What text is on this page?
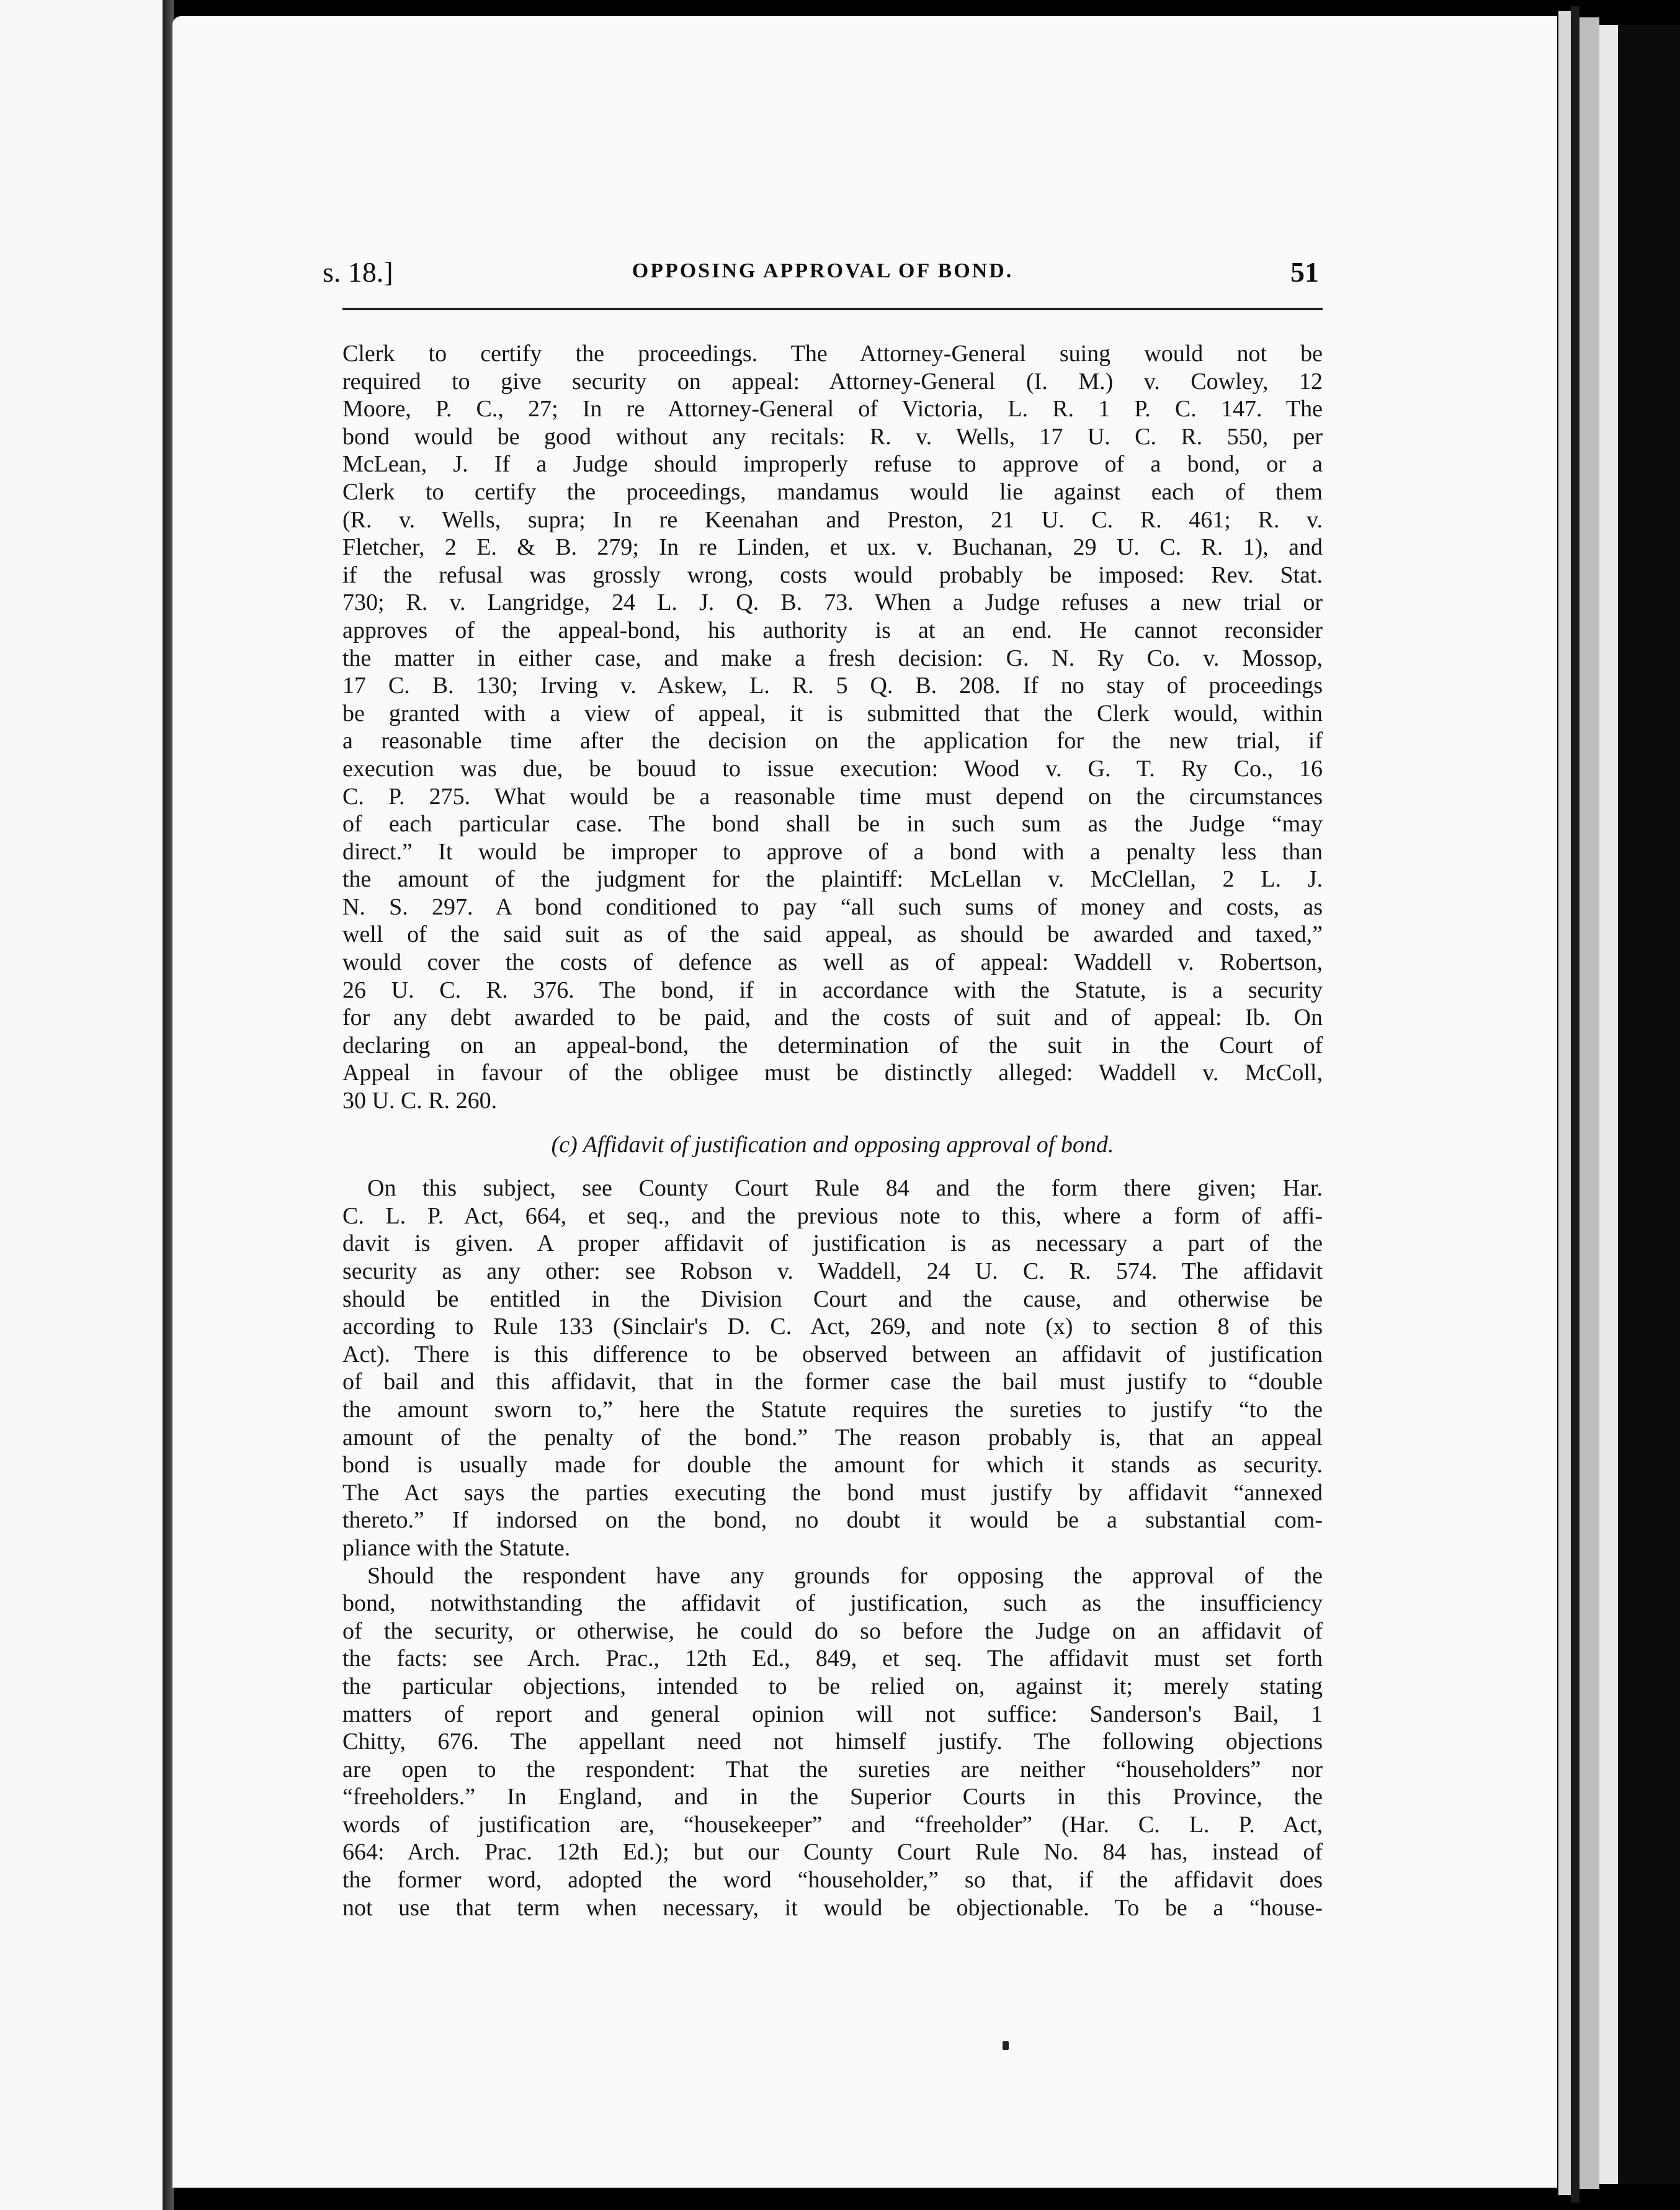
s. 18.]	OPPOSING APPROVAL OF BOND.	51
Clerk to certify the proceedings. The Attorney-General suing would not be
required to give security on appeal: Attorney-General (I. M.) v. Cowley, 12
Moore, P. C., 27; In re Attorney-General of Victoria, L. R. 1 P. C. 147. The
bond would be good without any recitals: R. v. Wells, 17 U. C. R. 550, per
McLean, J. If a Judge should improperly refuse to approve of a bond, or a
Clerk to certify the proceedings, mandamus would lie against each of them
(R. v. Wells, supra; In re Keenahan and Preston, 21 U. C. R. 461; R. v.
Fletcher, 2 E. & B. 279; In re Linden, et ux. v. Buchanan, 29 U. C. R. 1), and
if the refusal was grossly wrong, costs would probably be imposed: Rev. Stat.
730; R. v. Langridge, 24 L. J. Q. B. 73. When a Judge refuses a new trial or
approves of the appeal-bond, his authority is at an end. He cannot reconsider
the matter in either case, and make a fresh decision: G. N. Ry Co. v. Mossop,
17 C. B. 130; Irving v. Askew, L. R. 5 Q. B. 208. If no stay of proceedings
be granted with a view of appeal, it is submitted that the Clerk would, within
a reasonable time after the decision on the application for the new trial, if
execution was due, be bouud to issue execution: Wood v. G. T. Ry Co., 16
C. P. 275. What would be a reasonable time must depend on the circumstances
of each particular case. The bond shall be in such sum as the Judge “may
direct.” It would be improper to approve of a bond with a penalty less than
the amount of the judgment for the plaintiff: McLellan v. McClellan, 2 L. J.
N. S. 297. A bond conditioned to pay “all such sums of money and costs, as
well of the said suit as of the said appeal, as should be awarded and taxed,”
would cover the costs of defence as well as of appeal: Waddell v. Robertson,
26 U. C. R. 376. The bond, if in accordance with the Statute, is a security
for any debt awarded to be paid, and the costs of suit and of appeal: Ib. On
declaring on an appeal-bond, the determination of the suit in the Court of
Appeal in favour of the obligee must be distinctly alleged: Waddell v. McColl,
30 U. C. R. 260.
(c) Affidavit of justification and opposing approval of bond.
On this subject, see County Court Rule 84 and the form there given; Har.
C. L. P. Act, 664, et seq., and the previous note to this, where a form of affi-
davit is given. A proper affidavit of justification is as necessary a part of the
security as any other: see Robson v. Waddell, 24 U. C. R. 574. The affidavit
should be entitled in the Division Court and the cause, and otherwise be
according to Rule 133 (Sinclair's D. C. Act, 269, and note (x) to section 8 of this
Act). There is this difference to be observed between an affidavit of justification
of bail and this affidavit, that in the former case the bail must justify to “double
the amount sworn to,” here the Statute requires the sureties to justify “to the
amount of the penalty of the bond.” The reason probably is, that an appeal
bond is usually made for double the amount for which it stands as security.
The Act says the parties executing the bond must justify by affidavit “annexed
thereto.” If indorsed on the bond, no doubt it would be a substantial com-
pliance with the Statute.
Should the respondent have any grounds for opposing the approval of the
bond, notwithstanding the affidavit of justification, such as the insufficiency
of the security, or otherwise, he could do so before the Judge on an affidavit of
the facts: see Arch. Prac., 12th Ed., 849, et seq. The affidavit must set forth
the particular objections, intended to be relied on, against it; merely stating
matters of report and general opinion will not suffice: Sanderson's Bail, 1
Chitty, 676. The appellant need not himself justify. The following objections
are open to the respondent: That the sureties are neither “householders” nor
“freeholders.” In England, and in the Superior Courts in this Province, the
words of justification are, “housekeeper” and “freeholder” (Har. C. L. P. Act,
664: Arch. Prac. 12th Ed.); but our County Court Rule No. 84 has, instead of
the former word, adopted the word “householder,” so that, if the affidavit does
not use that term when necessary, it would be objectionable. To be a “house-
